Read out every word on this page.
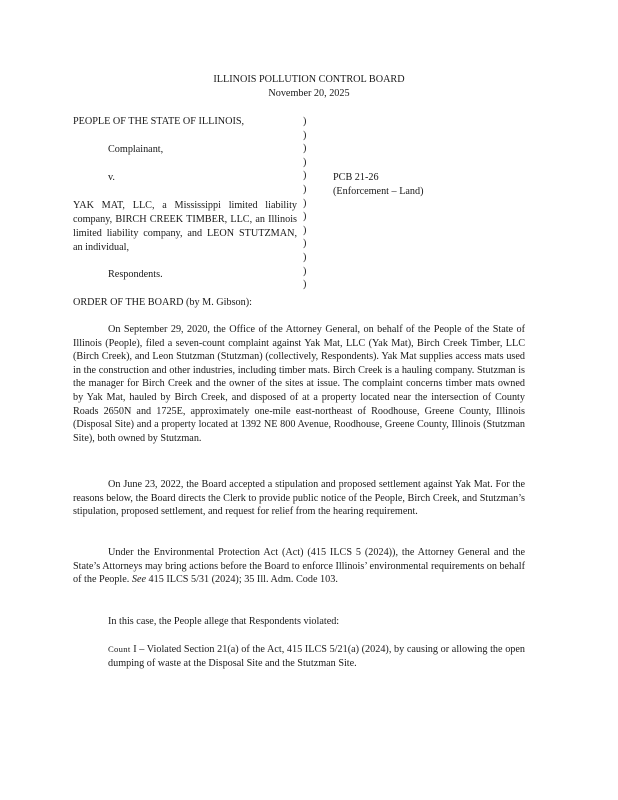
ILLINOIS POLLUTION CONTROL BOARD
November 20, 2025
PEOPLE OF THE STATE OF ILLINOIS,
Complainant,
v.	PCB 21-26
(Enforcement – Land)
YAK MAT, LLC, a Mississippi limited liability company, BIRCH CREEK TIMBER, LLC, an Illinois limited liability company, and LEON STUTZMAN, an individual,
Respondents.
)
)
)
)
)
)
)
)
)
)
)
)
)
ORDER OF THE BOARD (by M. Gibson):
On September 29, 2020, the Office of the Attorney General, on behalf of the People of the State of Illinois (People), filed a seven-count complaint against Yak Mat, LLC (Yak Mat), Birch Creek Timber, LLC (Birch Creek), and Leon Stutzman (Stutzman) (collectively, Respondents). Yak Mat supplies access mats used in the construction and other industries, including timber mats. Birch Creek is a hauling company. Stutzman is the manager for Birch Creek and the owner of the sites at issue. The complaint concerns timber mats owned by Yak Mat, hauled by Birch Creek, and disposed of at a property located near the intersection of County Roads 2650N and 1725E, approximately one-mile east-northeast of Roodhouse, Greene County, Illinois (Disposal Site) and a property located at 1392 NE 800 Avenue, Roodhouse, Greene County, Illinois (Stutzman Site), both owned by Stutzman.
On June 23, 2022, the Board accepted a stipulation and proposed settlement against Yak Mat. For the reasons below, the Board directs the Clerk to provide public notice of the People, Birch Creek, and Stutzman’s stipulation, proposed settlement, and request for relief from the hearing requirement.
Under the Environmental Protection Act (Act) (415 ILCS 5 (2024)), the Attorney General and the State’s Attorneys may bring actions before the Board to enforce Illinois’ environmental requirements on behalf of the People. See 415 ILCS 5/31 (2024); 35 Ill. Adm. Code 103.
In this case, the People allege that Respondents violated:
Count I – Violated Section 21(a) of the Act, 415 ILCS 5/21(a) (2024), by causing or allowing the open dumping of waste at the Disposal Site and the Stutzman Site.
